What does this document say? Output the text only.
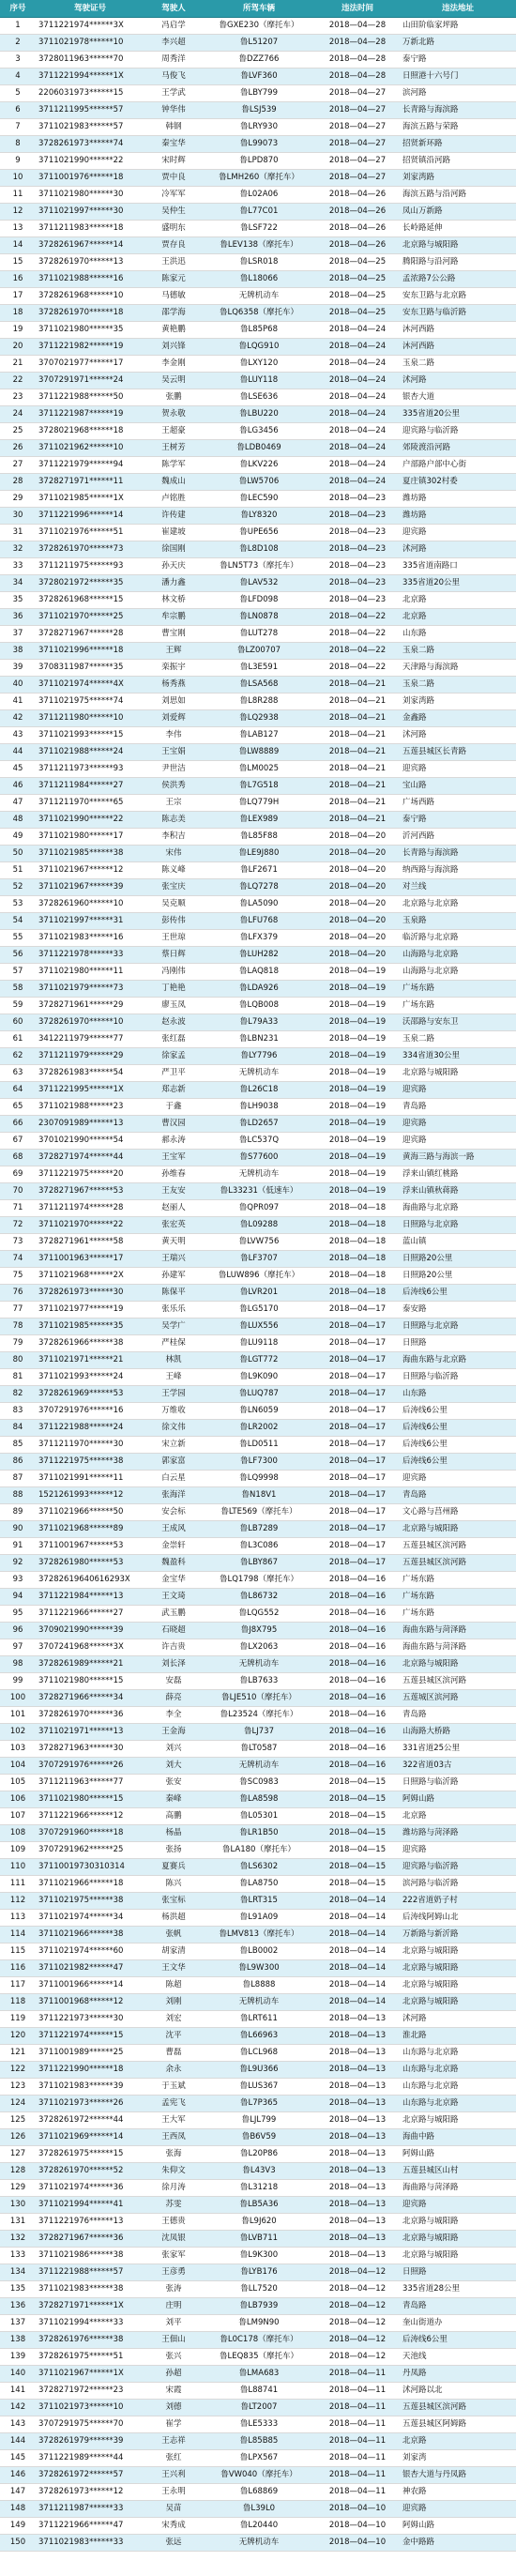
序号	驾驶证号	驾驶人	所驾车辆	违法时间	违法地址
1	3711221974******3X	冯启学	鲁GXE230（摩托车）	2018—04—28	山田阶临家坪路
2	3711021978******10	李兴超	鲁L51207	2018—04—28	万新北路
3	3728011963******70	周秀洋	鲁DZZ766	2018—04—28	泰宁路
4	3711221994******1X	马俊飞	鲁LVF360	2018—04—28	日照港十六号门
5	2206031973******15	王学武	鲁LBY799	2018—04—27	滨河路
6	3711211995******57	钟华伟	鲁LSJ539	2018—04—27	长青路与海滨路
7	3711021983******57	韩钢	鲁LRY930	2018—04—27	海滨五路与荣路
8	3728261973******74	秦宝华	鲁L99073	2018—04—27	招贤新环路
9	3711021990******22	宋时辉	鲁LPD870	2018—04—27	招贤镇沿河路
10	3711001976******18	贾中良	鲁LMH260（摩托车）	2018—04—27	刘家湾路
11	3711021980******30	冷军军	鲁L02A06	2018—04—26	海滨五路与沿河路
12	3711021997******30	吴仲生	鲁L77C01	2018—04—26	凤山万新路
13	3711211983******18	盛明东	鲁LSF722	2018—04—26	长岭路延伸
14	3728261967******14	贾存良	鲁LEV138（摩托车）	2018—04—26	北京路与城阳路
15	3728261970******13	王洪迅	鲁LSR018	2018—04—25	腾阳路与沿河路
16	3711021988******16	陈家元	鲁L18066	2018—04—25	孟浓路7公公路
17	3728261968******10	马德敏	无牌机动车	2018—04—25	安东卫路与北京路
18	3728261970******18	邵学海	鲁LQ6358（摩托车）	2018—04—25	安东卫路与临沂路
19	3711021980******35	黄艳鹏	鲁L85P68	2018—04—24	沐河西路
20	3711221982******19	刘兴锋	鲁LQG910	2018—04—24	沐河西路
21	3707021977******17	李金刚	鲁LXY120	2018—04—24	玉泉二路
22	3707291971******24	吴云明	鲁LUY118	2018—04—24	沭河路
23	3711221988******50	张鹏	鲁LSE636	2018—04—24	银杏大道
24	3711221987******19	贺永敬	鲁LBU220	2018—04—24	335省道20公里
25	3728021968******18	王超豪	鲁LG3456	2018—04—24	迎宾路与临沂路
26	3711021962******10	王树芳	鲁LDB0469	2018—04—24	郊陵渡沿河路
27	3711221979******94	陈学军	鲁LKV226	2018—04—24	户部路户部中心街
28	3728271971******11	魏成山	鲁LW5706	2018—04—24	夏庄镇302村委
29	3711021985******1X	卢铭胜	鲁LEC590	2018—04—23	潍坊路
30	3711221996******14	许传建	鲁LY8320	2018—04—23	潍坊路
31	3711021976******51	崔建坡	鲁UPE656	2018—04—23	迎宾路
32	3728261970******73	徐国刚	鲁L8D108	2018—04—23	沭河路
33	3711211975******93	孙天庆	鲁LN5T73（摩托车）	2018—04—23	335省道南路口
34	3728021972******35	潘力鑫	鲁LAV532	2018—04—23	335省道20公里
35	3728261968******15	林文桥	鲁LFD098	2018—04—23	北京路
36	3711021970******25	牟宗鹏	鲁LN0878	2018—04—22	北京路
37	3728271967******28	曹宝刚	鲁LUT278	2018—04—22	山东路
38	3711021996******18	王辉	鲁LZ00707	2018—04—22	玉泉二路
39	3708311987******35	栾振宇	鲁L3E591	2018—04—22	天津路与海滨路
40	3711021974******4X	杨秀燕	鲁LSA568	2018—04—21	玉泉二路
41	3711021975******74	刘思如	鲁L8R288	2018—04—21	刘家湾路
42	3711211980******10	刘爱辉	鲁LQ2938	2018—04—21	金鑫路
43	3711021993******15	李伟	鲁LAB127	2018—04—21	沭河路
44	3711021988******24	王宝娟	鲁LW8889	2018—04—21	五莲县城区长青路
45	3711211973******93	尹世洁	鲁LM0025	2018—04—21	迎宾路
46	3711211984******27	侯洪秀	鲁L7G518	2018—04—21	宝山路
47	3711211970******65	王宗	鲁LQ779H	2018—04—21	广场西路
48	3711021990******22	陈志美	鲁LEX989	2018—04—21	泰宁路
49	3711021980******17	李积吉	鲁L85F88	2018—04—20	沂河西路
50	3711021985******38	宋伟	鲁LE9J880	2018—04—20	长青路与海滨路
51	3711021967******12	陈义峰	鲁LF2671	2018—04—20	纳西路与海滨路
52	3711021967******39	张宝庆	鲁LQ7278	2018—04—20	对兰线
53	3728261960******10	吴克顺	鲁LA5090	2018—04—20	北京路与北京路
54	3711021997******31	彭传伟	鲁LFU768	2018—04—20	玉泉路
55	3711021983******16	王世琼	鲁LFX379	2018—04—20	临沂路与北京路
56	3711221978******33	蔡日辉	鲁LUH282	2018—04—20	山海路与北京路
57	3711021980******11	冯刚伟	鲁LAQ818	2018—04—19	山海路与北京路
58	3711021979******73	丁艳艳	鲁LDA926	2018—04—19	广场东路
59	3728271961******29	廖玉凤	鲁LQB008	2018—04—19	广场东路
60	3728261970******10	赵永波	鲁L79A33	2018—04—19	沃邵路与安东卫
61	3412211979******77	张红磊	鲁LBN231	2018—04—19	玉泉二路
62	3711211979******29	徐家孟	鲁LY7796	2018—04—19	334省道30公里
63	3728261983******54	严卫平	无牌机动车	2018—04—19	北京路与城阳路
64	3711221995******1X	郑志新	鲁L26C18	2018—04—19	迎宾路
65	3711021988******23	于鑫	鲁LH9038	2018—04—19	青岛路
66	2307091989******13	曹汉园	鲁LD2657	2018—04—19	迎宾路
67	3701021990******54	郝永涛	鲁LC537Q	2018—04—19	迎宾路
68	3728271974******44	王宝军	鲁S77600	2018—04—19	黄海三路与海滨一路
69	3711221975******20	孙维春	无牌机动车	2018—04—19	浮来山镇红桃路
70	3728271967******53	王友安	鲁L33231（低速车）	2018—04—19	浮来山镇秋蒋路
71	3711211974******28	赵丽人	鲁QPR097	2018—04—18	海曲路与北京路
72	3711021970******22	张宏英	鲁L09288	2018—04—18	日照路与北京路
73	3728271961******58	黄天明	鲁LVW756	2018—04—18	蓝山镇
74	3711001963******17	王瑞兴	鲁LF3707	2018—04—18	日照路20公里
75	3711021968******2X	孙建军	鲁LUW896（摩托车）	2018—04—18	日照路20公里
76	3728261973******30	陈保平	鲁LVR201	2018—04—18	后涛线6公里
77	3711021977******19	张乐乐	鲁LG5170	2018—04—17	泰安路
78	3711021985******35	吴学广	鲁LUX556	2018—04—17	日照路与北京路
79	3728261966******38	严桂保	鲁LU9118	2018—04—17	日照路
80	3711021971******21	林凯	鲁LGT772	2018—04—17	海曲东路与北京路
81	3711021993******24	王峰	鲁L9K090	2018—04—17	日照路与临沂路
82	3728261969******53	王学园	鲁LUQ787	2018—04—17	山东路
83	3707291976******16	万维收	鲁LN6059	2018—04—17	后涛线6公里
84	3711221988******24	徐文伟	鲁LR2002	2018—04—17	后涛线6公里
85	3711211970******30	宋立新	鲁LD0511	2018—04—17	后涛线6公里
86	3711221975******38	郭家富	鲁LF7300	2018—04—17	后涛线6公里
87	3711021991******11	白云星	鲁LQ9998	2018—04—17	迎宾路
88	1521261993******12	张海洋	鲁N18V1	2018—04—17	青岛路
89	3711021966******50	安会标	鲁LTE569（摩托车）	2018—04—17	文心路与莒州路
90	3711021968******89	王成风	鲁LB7289	2018—04—17	北京路与城阳路
91	3711001967******53	金崇轩	鲁L3C086	2018—04—17	五莲县城区滨河路
92	3728261980******53	魏盈科	鲁LBY867	2018—04—17	五莲县城区滨河路
93	37282619640616293X	金宝华	鲁LQ1798（摩托车）	2018—04—16	广场东路
94	3711221984******13	王文琦	鲁L86732	2018—04—16	广场东路
95	3711221966******27	武玉鹏	鲁LQG552	2018—04—16	广场东路
96	3709021990******39	石晓超	鲁J8X795	2018—04—16	海曲东路与菏泽路
97	3707241968******3X	许吉贵	鲁LX2063	2018—04—16	海曲东路与菏泽路
98	3728261989******21	刘长泽	无牌机动车	2018—04—16	北京路与城阳路
99	3711021980******15	安磊	鲁LB7633	2018—04—16	五莲县城区滨河路
100	3728271966******34	薛亮	鲁LJE510（摩托车）	2018—04—16	五莲城区滨河路
101	3728261970******36	李全	鲁L23524（摩托车）	2018—04—16	青岛路
102	3711021971******13	王金海	鲁LJ737	2018—04—16	山海路大桥路
103	3728271963******30	刘兴	鲁LT0587	2018—04—16	331省道25公里
104	3707291976******26	刘大	无牌机动车	2018—04—16	322省道03古
105	3711211963******77	张安	鲁SC0983	2018—04—15	日照路与临沂路
106	3711021980******15	秦峰	鲁LA8598	2018—04—15	阿姆山路
107	3711221966******12	高鹏	鲁L05301	2018—04—15	北京路
108	3707291960******18	杨晶	鲁LR1B50	2018—04—15	潍坊路与菏泽路
109	3707291962******25	张扬	鲁LA180（摩托车）	2018—04—15	迎宾路
110	37110019730310314	夏赛兵	鲁LS6302	2018—04—15	迎宾路与临沂路
111	3711021966******18	陈兴	鲁LA8750	2018—04—15	滨河路与临沂路
112	3711021975******38	张宝标	鲁LRT315	2018—04—14	222省道奶子村
113	3711021974******34	杨洪超	鲁L91A09	2018—04—14	后涛线阿姆山北
114	3711021966******38	张帆	鲁LMV813（摩托车）	2018—04—14	万新路与新沂路
115	3711021974******60	胡家清	鲁LB0002	2018—04—14	北京路与城阳路
116	3711021982******47	王文华	鲁L9W300	2018—04—14	北京路与城阳路
117	3711001966******14	陈超	鲁L8888	2018—04—14	北京路与城阳路
118	3711001968******12	刘刚	无牌机动车	2018—04—14	北京路与城阳路
119	3711221973******30	刘宏	鲁LRT611	2018—04—13	沭河路
120	3711221974******15	沈平	鲁L66963	2018—04—13	淮北路
121	3711001989******25	曹磊	鲁LCL968	2018—04—13	山东路与北京路
122	3711221990******18	余永	鲁L9U366	2018—04—13	山东路与北京路
123	3711021983******39	于玉斌	鲁LUS367	2018—04—13	山东路与北京路
124	3711021973******26	孟宪飞	鲁L7P365	2018—04—13	山东路与北京路
125	3728261972******44	王大军	鲁LJL799	2018—04—13	北京路与城阳路
126	3711021969******14	王西凤	鲁B6V59	2018—04—13	海曲中路
127	3728261975******15	张海	鲁L20P86	2018—04—13	阿姆山路
128	3728261970******52	朱仰文	鲁L43V3	2018—04—13	五莲县城区山村
129	3711021974******36	徐月涛	鲁L31218	2018—04—13	海曲路与菏泽路
130	3711021994******41	苏雯	鲁LB5A36	2018—04—13	迎宾路
131	3711221976******13	王德贵	鲁L9J620	2018—04—13	北京路与城阳路
132	3728271967******36	沈凤银	鲁LVB711	2018—04—13	北京路与城阳路
133	3711021986******38	张家军	鲁L9K300	2018—04—13	北京路与城阳路
134	3711221988******57	王彦勇	鲁LYB176	2018—04—12	日照路
135	3711021983******38	张涛	鲁LL7520	2018—04—12	335省道28公里
136	3728271971******1X	庄明	鲁LB7939	2018—04—12	青岛路
137	3711021994******33	刘平	鲁LM9N90	2018—04—12	奎山街道办
138	3728261976******38	王佃山	鲁L0C178（摩托车）	2018—04—12	后涛线6公里
139	3728261975******51	张兴	鲁LEQ835（摩托车）	2018—04—12	天池线
140	3711021967******1X	孙超	鲁LMA683	2018—04—11	丹凤路
141	3728271972******23	宋霞	鲁L88741	2018—04—11	沭河路以北
142	3711021973******10	刘德	鲁LT2007	2018—04—11	五莲县城区滨河路
143	3707291975******70	崔学	鲁LE5333	2018—04—11	五莲县城区阿姆路
144	3728261979******39	王志祥	鲁L85B85	2018—04—11	北京路
145	3711221989******44	张红	鲁LPX567	2018—04—11	刘家湾
146	3728261972******57	王兴利	鲁VW040（摩托车）	2018—04—11	银杏大道与丹凤路
147	3728261973******12	王永明	鲁L68869	2018—04—11	神农路
148	3711211987******33	吴苗	鲁L39L0	2018—04—10	迎宾路
149	3711221966******47	宋秀成	鲁L20440	2018—04—10	阿姆山路
150	3711021983******33	张远	无牌机动车	2018—04—10	金中路路
